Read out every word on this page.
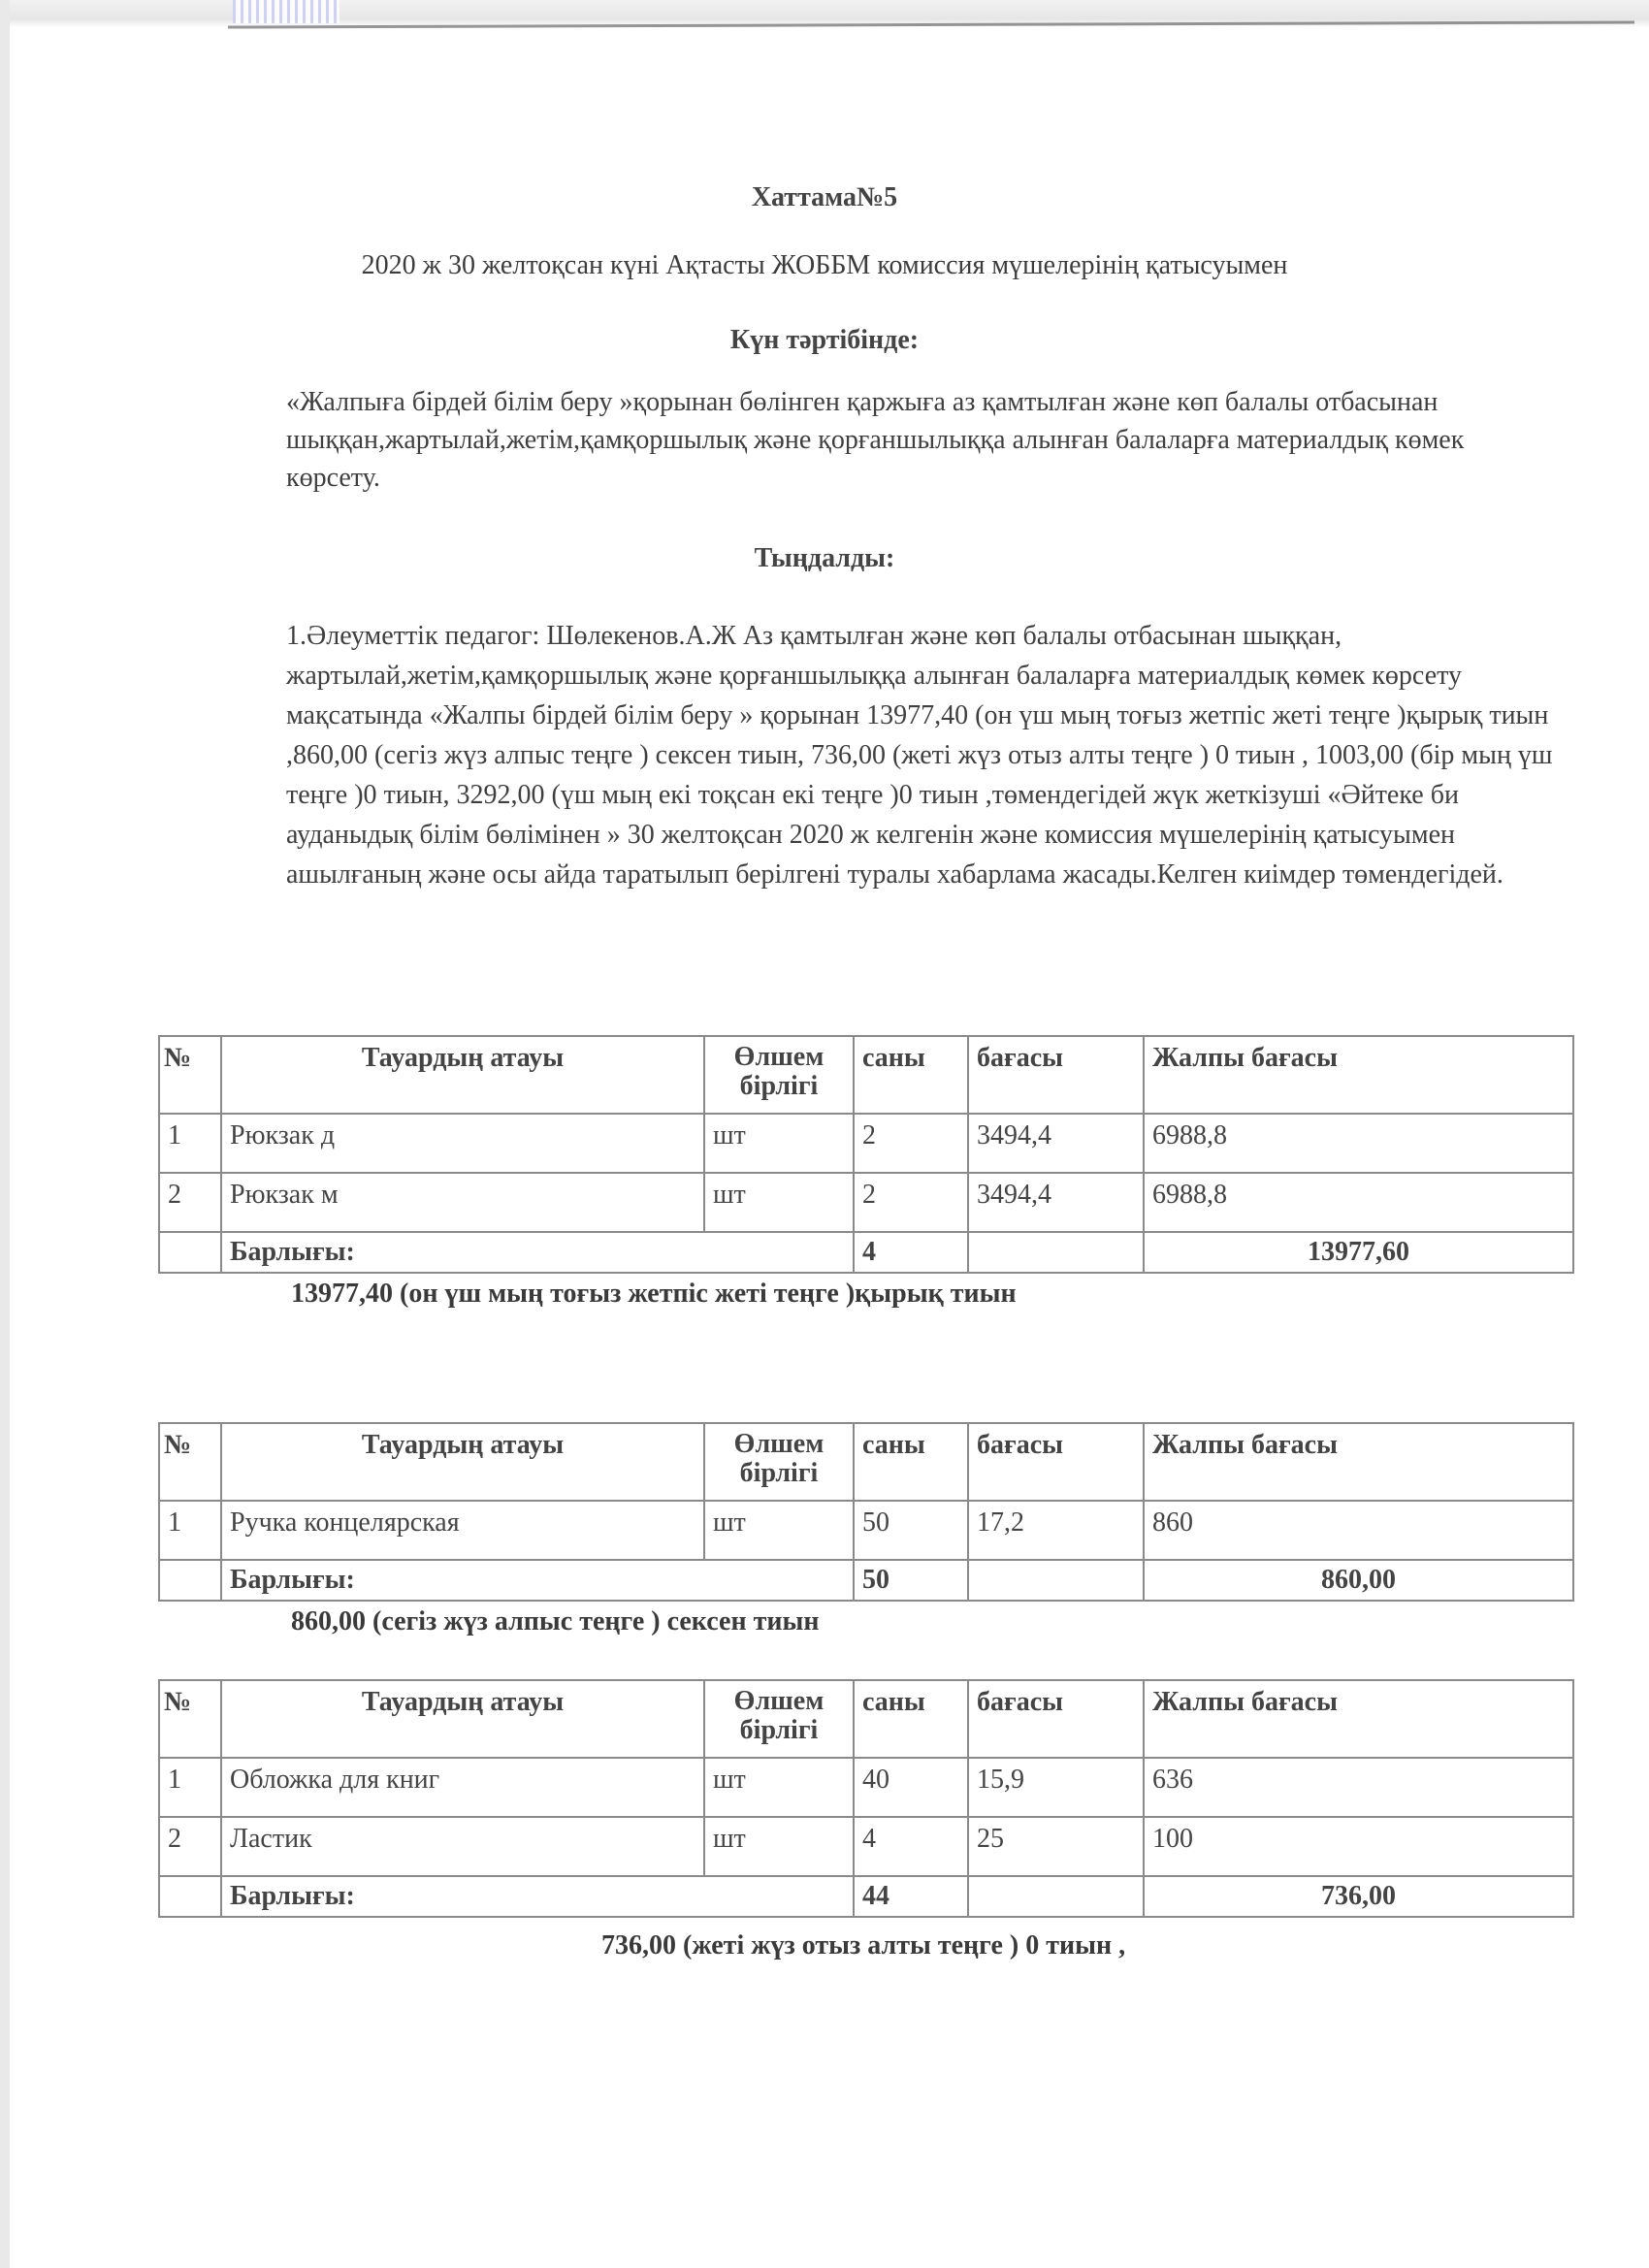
Хаттама№5
2020 ж 30 желтоқсан күні Ақтасты ЖОББМ комиссия мүшелерінің қатысуымен
Күн тәртібінде:
«Жалпыға бірдей білім беру »қорынан бөлінген қаржыға аз қамтылған және көп балалы отбасынан шыққан,жартылай,жетім,қамқоршылық және қорғаншылыққа алынған балаларға материалдық көмек көрсету.
Тыңдалды:
1.Әлеуметтік педагог: Шөлекенов.А.Ж Аз қамтылған және көп балалы отбасынан шыққан, жартылай,жетім,қамқоршылық және қорғаншылыққа алынған балаларға материалдық көмек көрсету мақсатында «Жалпы бірдей білім беру » қорынан 13977,40 (он үш мың тоғыз жетпіс жеті теңге )қырық тиын ,860,00 (сегіз жүз алпыс теңге ) сексен тиын, 736,00 (жеті жүз отыз алты теңге ) 0 тиын , 1003,00 (бір мың үш теңге )0 тиын, 3292,00 (үш мың екі тоқсан екі теңге )0 тиын ,төмендегідей жүк жеткізуші «Әйтеке би ауданыдық білім бөлімінен » 30 желтоқсан 2020 ж келгенін және комиссия мүшелерінің қатысуымен ашылғаның және осы айда таратылып берілгені туралы хабарлама жасады.Келген киімдер төмендегідей.
№	Тауардың атауы	Өлшем бірлігі	саны	бағасы	Жалпы бағасы
1	Рюкзак д	шт	2	3494,4	6988,8
2	Рюкзак м	шт	2	3494,4	6988,8
	Барлығы:		4		13977,60
13977,40 (он үш мың тоғыз жетпіс жеті теңге )қырық тиын
№	Тауардың атауы	Өлшем бірлігі	саны	бағасы	Жалпы бағасы
1	Ручка концелярская	шт	50	17,2	860
	Барлығы:		50		860,00
860,00 (сегіз жүз алпыс теңге ) сексен тиын
№	Тауардың атауы	Өлшем бірлігі	саны	бағасы	Жалпы бағасы
1	Обложка для книг	шт	40	15,9	636
2	Ластик	шт	4	25	100
	Барлығы:		44		736,00
736,00 (жеті жүз отыз алты теңге ) 0 тиын ,
